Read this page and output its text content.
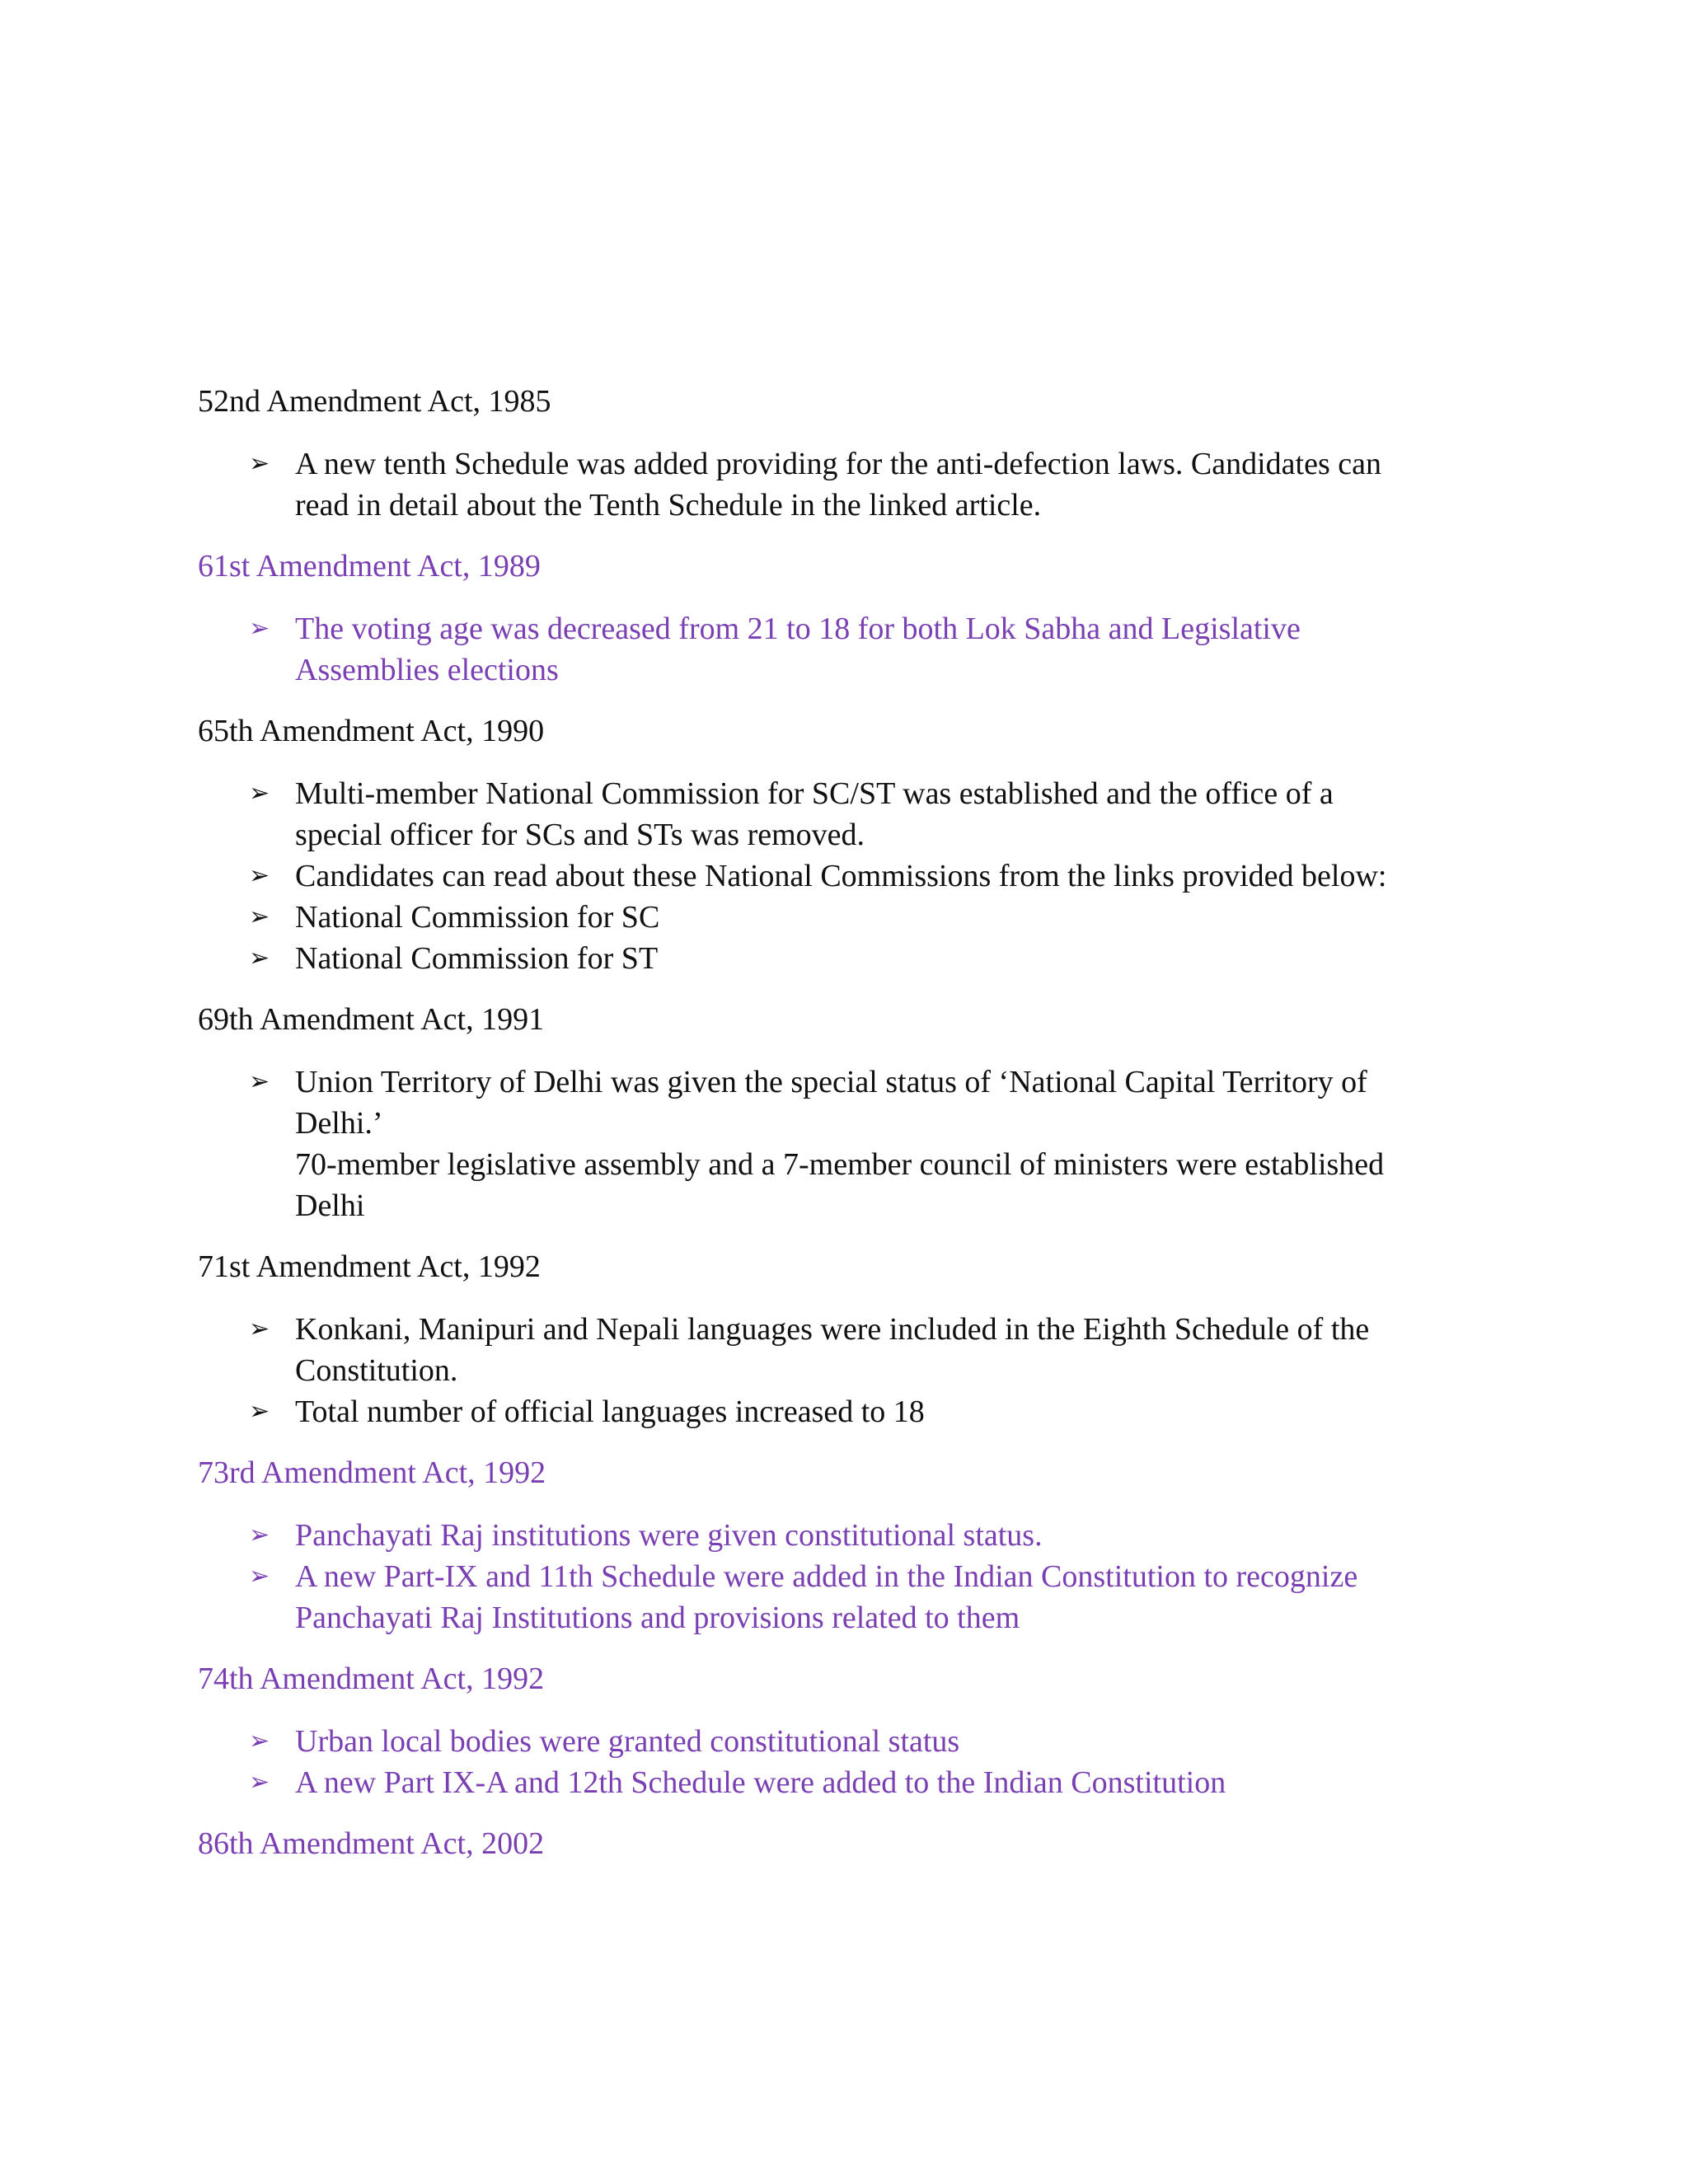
52nd Amendment Act, 1985
➢ A new tenth Schedule was added providing for the anti-defection laws. Candidates can
read in detail about the Tenth Schedule in the linked article.
61st Amendment Act, 1989
➢ The voting age was decreased from 21 to 18 for both Lok Sabha and Legislative
Assemblies elections
65th Amendment Act, 1990
➢ Multi-member National Commission for SC/ST was established and the office of a
special officer for SCs and STs was removed.
➢ Candidates can read about these National Commissions from the links provided below:
➢ National Commission for SC
➢ National Commission for ST
69th Amendment Act, 1991
➢ Union Territory of Delhi was given the special status of ‘National Capital Territory of
Delhi.’
70-member legislative assembly and a 7-member council of ministers were established
Delhi
71st Amendment Act, 1992
➢ Konkani, Manipuri and Nepali languages were included in the Eighth Schedule of the
Constitution.
➢ Total number of official languages increased to 18
73rd Amendment Act, 1992
➢ Panchayati Raj institutions were given constitutional status.
➢ A new Part-IX and 11th Schedule were added in the Indian Constitution to recognize
Panchayati Raj Institutions and provisions related to them
74th Amendment Act, 1992
➢ Urban local bodies were granted constitutional status
➢ A new Part IX-A and 12th Schedule were added to the Indian Constitution
86th Amendment Act, 2002
